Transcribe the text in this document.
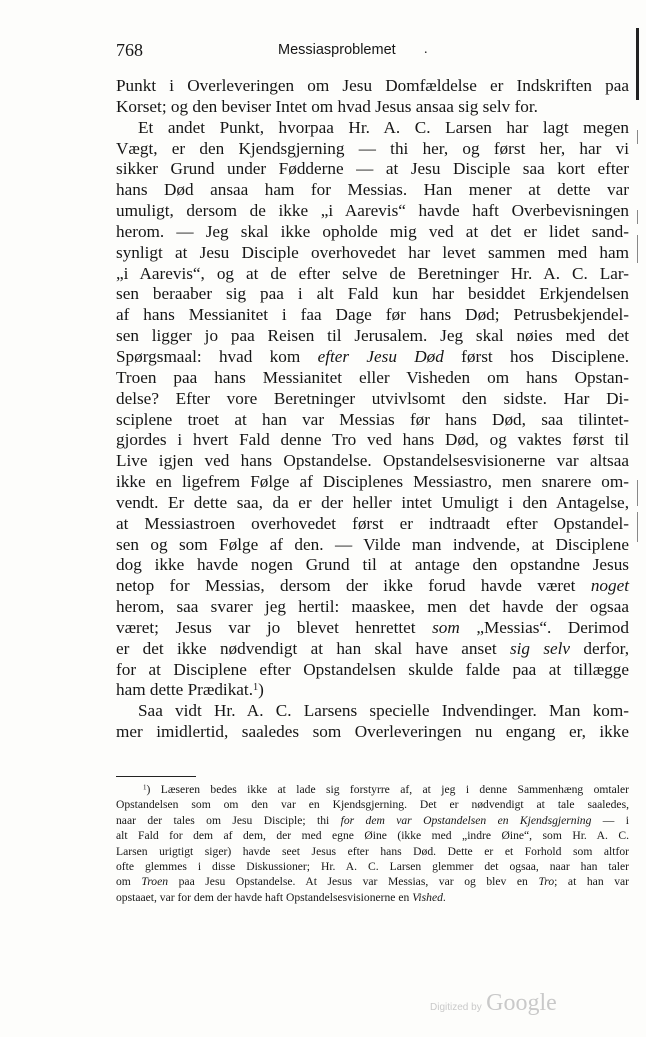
768	Messiasproblemet .
Punkt i Overleveringen om Jesu Domfældelse er Indskriften paa
Korset; og den beviser Intet om hvad Jesus ansaa sig selv for.
Et andet Punkt, hvorpaa Hr. A. C. Larsen har lagt megen
Vægt, er den Kjendsgjerning — thi her, og først her, har vi
sikker Grund under Fødderne — at Jesu Disciple saa kort efter
hans Død ansaa ham for Messias. Han mener at dette var
umuligt, dersom de ikke „i Aarevis“ havde haft Overbevisningen
herom. — Jeg skal ikke opholde mig ved at det er lidet sand-
synligt at Jesu Disciple overhovedet har levet sammen med ham
„i Aarevis“, og at de efter selve de Beretninger Hr. A. C. Lar-
sen beraaber sig paa i alt Fald kun har besiddet Erkjendelsen
af hans Messianitet i faa Dage før hans Død; Petrusbekjendel-
sen ligger jo paa Reisen til Jerusalem. Jeg skal nøies med det
Spørgsmaal: hvad kom efter Jesu Død først hos Disciplene.
Troen paa hans Messianitet eller Visheden om hans Opstan-
delse? Efter vore Beretninger utvivlsomt den sidste. Har Di-
sciplene troet at han var Messias før hans Død, saa tilintet-
gjordes i hvert Fald denne Tro ved hans Død, og vaktes først til
Live igjen ved hans Opstandelse. Opstandelsesvisionerne var altsaa
ikke en ligefrem Følge af Disciplenes Messiastro, men snarere om-
vendt. Er dette saa, da er der heller intet Umuligt i den Antagelse,
at Messiastroen overhovedet først er indtraadt efter Opstandel-
sen og som Følge af den. — Vilde man indvende, at Disciplene
dog ikke havde nogen Grund til at antage den opstandne Jesus
netop for Messias, dersom der ikke forud havde været noget
herom, saa svarer jeg hertil: maaskee, men det havde der ogsaa
været; Jesus var jo blevet henrettet som „Messias“. Derimod
er det ikke nødvendigt at han skal have anset sig selv derfor,
for at Disciplene efter Opstandelsen skulde falde paa at tillægge
ham dette Prædikat.$^1$)
Saa vidt Hr. A. C. Larsens specielle Indvendinger. Man kom-
mer imidlertid, saaledes som Overleveringen nu engang er, ikke
$^1$) Læseren bedes ikke at lade sig forstyrre af, at jeg i denne Sammenhæng omtaler
Opstandelsen som om den var en Kjendsgjerning. Det er nødvendigt at tale saaledes,
naar der tales om Jesu Disciple; thi for dem var Opstandelsen en Kjendsgjerning — i
alt Fald for dem af dem, der med egne Øine (ikke med „indre Øine“, som Hr. A. C.
Larsen urigtigt siger) havde seet Jesus efter hans Død. Dette er et Forhold som altfor
ofte glemmes i disse Diskussioner; Hr. A. C. Larsen glemmer det ogsaa, naar han taler
om Troen paa Jesu Opstandelse. At Jesus var Messias, var og blev en Tro; at han var
opstaaet, var for dem der havde haft Opstandelsesvisionerne en Vished.
Digitized by Google
